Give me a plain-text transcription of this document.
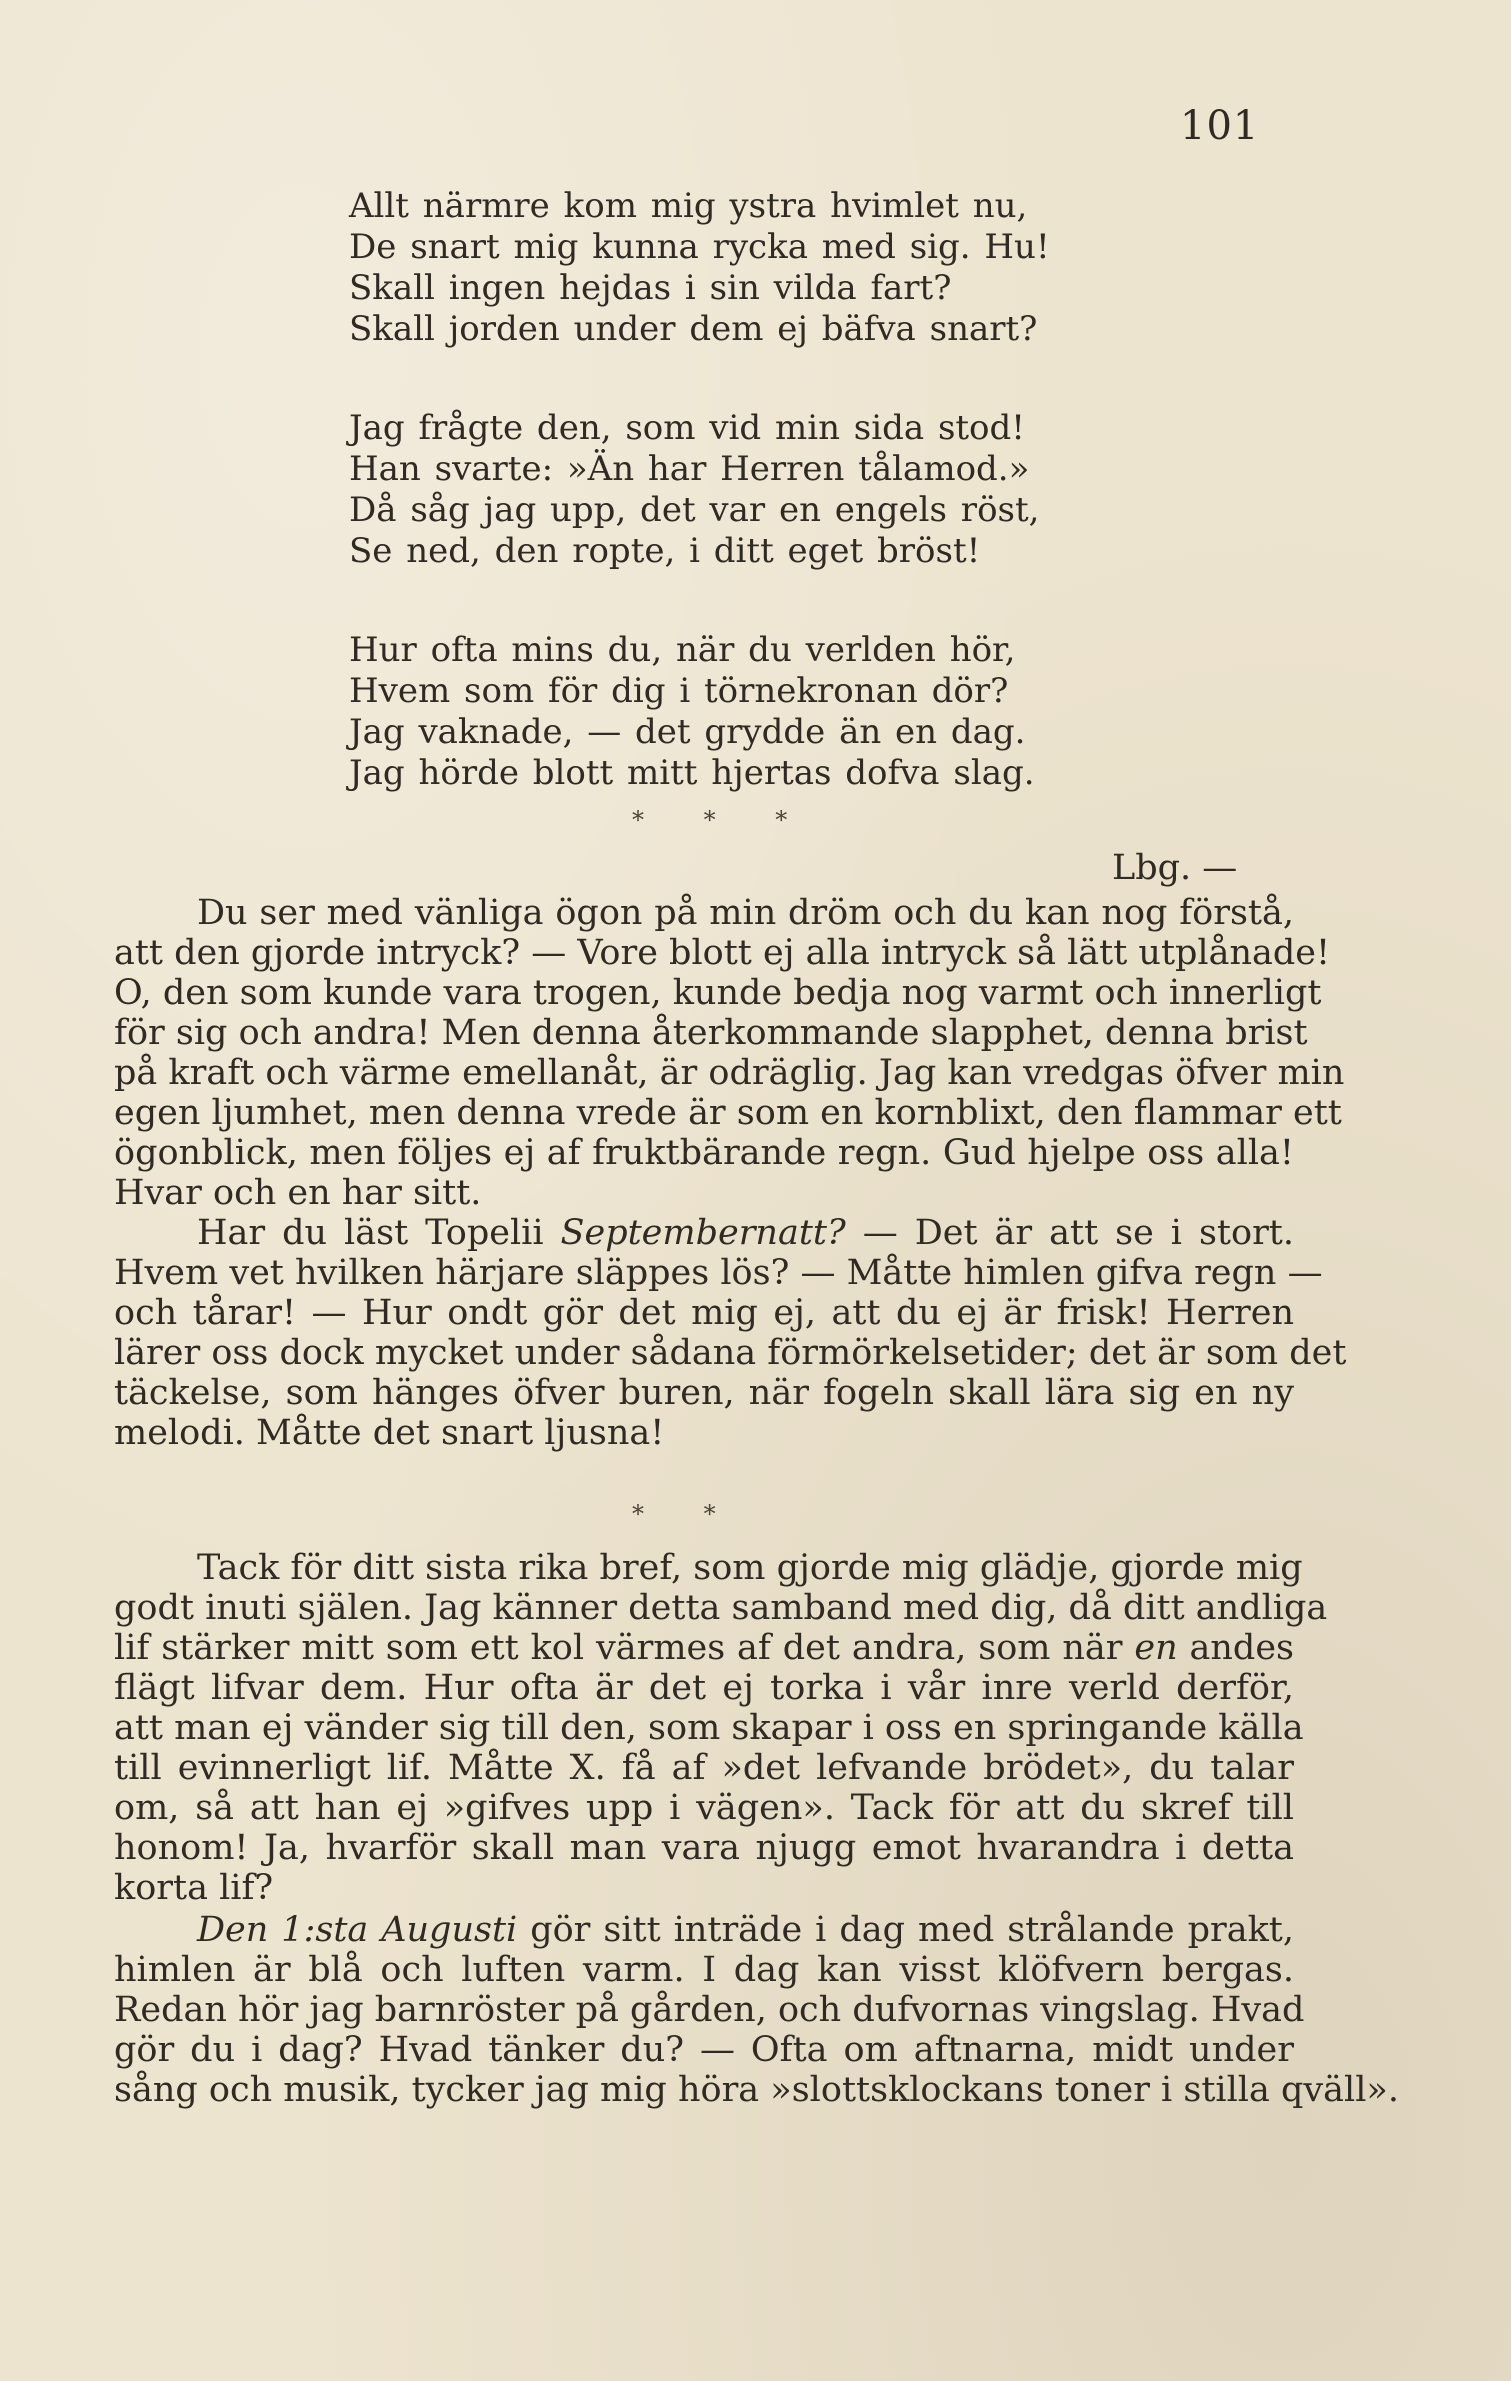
101
Allt närmre kom mig ystra hvimlet nu,
De snart mig kunna rycka med sig. Hu!
Skall ingen hejdas i sin vilda fart?
Skall jorden under dem ej bäfva snart?
Jag frågte den, som vid min sida stod!
Han svarte: »Än har Herren tålamod.»
Då såg jag upp, det var en engels röst,
Se ned, den ropte, i ditt eget bröst!
Hur ofta mins du, när du verlden hör,
Hvem som för dig i törnekronan dör?
Jag vaknade, — det grydde än en dag.
Jag hörde blott mitt hjertas dofva slag.
* * *
Lbg. —
Du ser med vänliga ögon på min dröm och du kan nog förstå,
att den gjorde intryck? — Vore blott ej alla intryck så lätt utplånade!
O, den som kunde vara trogen, kunde bedja nog varmt och innerligt
för sig och andra! Men denna återkommande slapphet, denna brist
på kraft och värme emellanåt, är odräglig. Jag kan vredgas öfver min
egen ljumhet, men denna vrede är som en kornblixt, den flammar ett
ögonblick, men följes ej af fruktbärande regn. Gud hjelpe oss alla!
Hvar och en har sitt.
Har du läst Topelii Septembernatt? — Det är att se i stort.
Hvem vet hvilken härjare släppes lös? — Måtte himlen gifva regn —
och tårar! — Hur ondt gör det mig ej, att du ej är frisk! Herren
lärer oss dock mycket under sådana förmörkelsetider; det är som det
täckelse, som hänges öfver buren, när fogeln skall lära sig en ny
melodi. Måtte det snart ljusna!
* *
Tack för ditt sista rika bref, som gjorde mig glädje, gjorde mig
godt inuti själen. Jag känner detta samband med dig, då ditt andliga
lif stärker mitt som ett kol värmes af det andra, som när en andes
flägt lifvar dem. Hur ofta är det ej torka i vår inre verld derför,
att man ej vänder sig till den, som skapar i oss en springande källa
till evinnerligt lif. Måtte X. få af »det lefvande brödet», du talar
om, så att han ej »gifves upp i vägen». Tack för att du skref till
honom! Ja, hvarför skall man vara njugg emot hvarandra i detta
korta lif?
Den 1:sta Augusti gör sitt inträde i dag med strålande prakt,
himlen är blå och luften varm. I dag kan visst klöfvern bergas.
Redan hör jag barnröster på gården, och dufvornas vingslag. Hvad
gör du i dag? Hvad tänker du? — Ofta om aftnarna, midt under
sång och musik, tycker jag mig höra »slottsklockans toner i stilla qväll».
